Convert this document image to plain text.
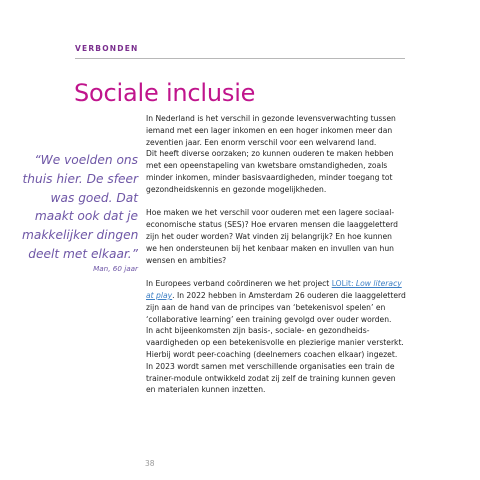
VERBONDEN
Sociale inclusie
“We voelden ons
thuis hier. De sfeer
was goed. Dat
maakt ook dat je
makkelijker dingen
deelt met elkaar.”
Man, 60 jaar
In Nederland is het verschil in gezonde levensverwachting tussen
iemand met een lager inkomen en een hoger inkomen meer dan
zeventien jaar. Een enorm verschil voor een welvarend land.
Dit heeft diverse oorzaken; zo kunnen ouderen te maken hebben
met een opeenstapeling van kwetsbare omstandigheden, zoals
minder inkomen, minder basisvaardigheden, minder toegang tot
gezondheidskennis en gezonde mogelijkheden.
Hoe maken we het verschil voor ouderen met een lagere sociaal-
economische status (SES)? Hoe ervaren mensen die laaggeletterd
zijn het ouder worden? Wat vinden zij belangrijk? En hoe kunnen
we hen ondersteunen bij het kenbaar maken en invullen van hun
wensen en ambities?
In Europees verband coördineren we het project LOLit: Low literacy
at play. In 2022 hebben in Amsterdam 26 ouderen die laaggeletterd
zijn aan de hand van de principes van ‘betekenisvol spelen’ en
‘collaborative learning’ een training gevolgd over ouder worden.
In acht bijeenkomsten zijn basis-, sociale- en gezondheids-
vaardigheden op een betekenisvolle en plezierige manier versterkt.
Hierbij wordt peer-coaching (deelnemers coachen elkaar) ingezet.
In 2023 wordt samen met verschillende organisaties een train de
trainer-module ontwikkeld zodat zij zelf de training kunnen geven
en materialen kunnen inzetten.
38
